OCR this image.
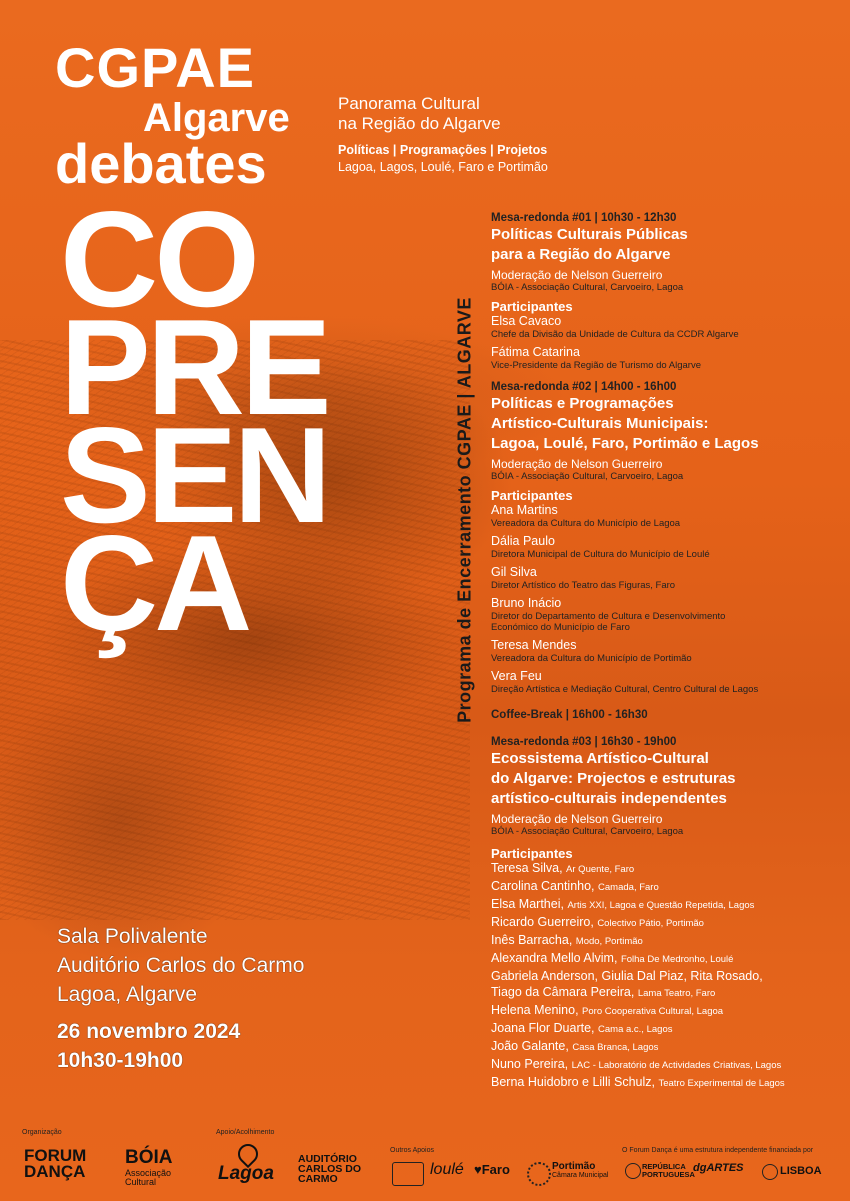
CGPAE
Algarve
debates
Panorama Cultural
na Região do Algarve
Políticas | Programações | Projetos
Lagoa, Lagos, Loulé, Faro e Portimão
CO
PRE
SEN
ÇA	Programa de Encerramento CGPAE | ALGARVE
Mesa-redonda #01 | 10h30 - 12h30
Políticas Culturais Públicas
para a Região do Algarve
Moderação de Nelson Guerreiro
BÓIA - Associação Cultural, Carvoeiro, Lagoa
Participantes
Elsa Cavaco
Chefe da Divisão da Unidade de Cultura da CCDR Algarve
Fátima Catarina
Vice-Presidente da Região de Turismo do Algarve
Mesa-redonda #02 | 14h00 - 16h00
Políticas e Programações
Artístico-Culturais Municipais:
Lagoa, Loulé, Faro, Portimão e Lagos
Moderação de Nelson Guerreiro
BÓIA - Associação Cultural, Carvoeiro, Lagoa
Participantes
Ana Martins
Vereadora da Cultura do Município de Lagoa
Dália Paulo
Diretora Municipal de Cultura do Município de Loulé
Gil Silva
Diretor Artístico do Teatro das Figuras, Faro
Bruno Inácio
Diretor do Departamento de Cultura e Desenvolvimento
Económico do Município de Faro
Teresa Mendes
Vereadora da Cultura do Município de Portimão
Vera Feu
Direção Artística e Mediação Cultural, Centro Cultural de Lagos
Coffee-Break | 16h00 - 16h30
Mesa-redonda #03 | 16h30 - 19h00
Ecossistema Artístico-Cultural
do Algarve: Projectos e estruturas
artístico-culturais independentes
Moderação de Nelson Guerreiro
BÓIA - Associação Cultural, Carvoeiro, Lagoa
Participantes
Teresa Silva, Ar Quente, Faro
Carolina Cantinho, Camada, Faro
Elsa Marthei, Artis XXI, Lagoa e Questão Repetida, Lagos
Ricardo Guerreiro, Colectivo Pátio, Portimão
Inês Barracha, Modo, Portimão
Alexandra Mello Alvim, Folha De Medronho, Loulé
Gabriela Anderson, Giulia Dal Piaz, Rita Rosado,
Tiago da Câmara Pereira, Lama Teatro, Faro
Helena Menino, Poro Cooperativa Cultural, Lagoa
Joana Flor Duarte, Cama a.c., Lagos
João Galante, Casa Branca, Lagos
Nuno Pereira, LAC - Laboratório de Actividades Criativas, Lagos
Berna Huidobro e Lilli Schulz, Teatro Experimental de Lagos
Sala Polivalente
Auditório Carlos do Carmo
Lagoa, Algarve
26 novembro 2024
10h30-19h00
Organização
FORUM
DANÇA
BÓIA
Associação
Cultural
Apoio/Acolhimento
Lagoa
AUDITÓRIO
CARLOS DO
CARMO
Outros Apoios
loulé ♥Faro	Portimão
Câmara Municipal
O Forum Dança é uma estrutura independente financiada por
REPÚBLICA
PORTUGUESA
dgARTES	LISBOA
